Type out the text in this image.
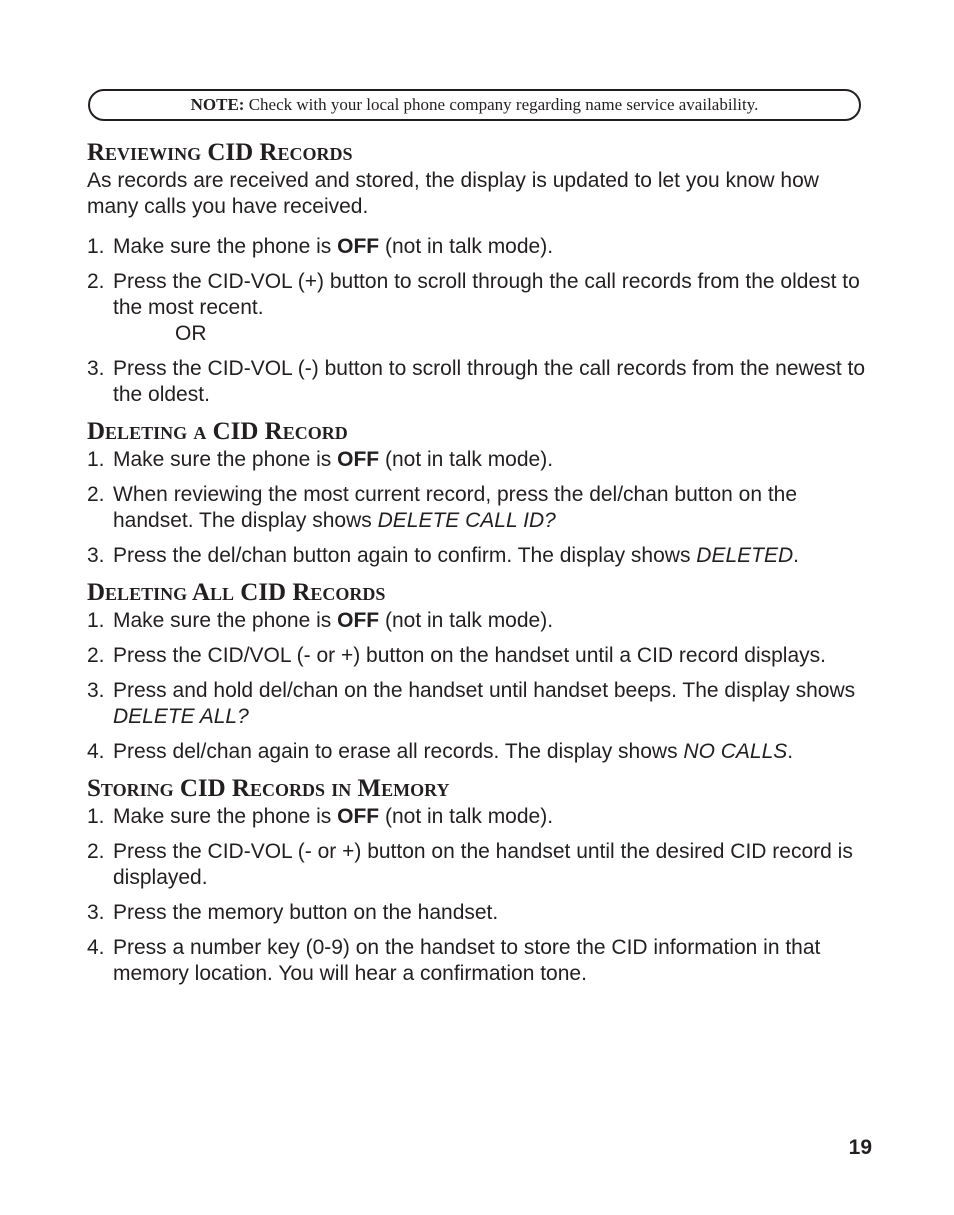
NOTE: Check with your local phone company regarding name service availability.
Reviewing CID Records

As records are received and stored, the display is updated to let you know how many calls you have received.

1. Make sure the phone is OFF (not in talk mode).
2. Press the CID-VOL (+) button to scroll through the call records from the oldest to the most recent.
OR
3. Press the CID-VOL (-) button to scroll through the call records from the newest to the oldest.
Deleting a CID Record
1. Make sure the phone is OFF (not in talk mode).
2. When reviewing the most current record, press the del/chan button on the handset. The display shows DELETE CALL ID?
3. Press the del/chan button again to confirm. The display shows DELETED.
Deleting All CID Records
1. Make sure the phone is OFF (not in talk mode).
2. Press the CID/VOL (- or +) button on the handset until a CID record displays.
3. Press and hold del/chan on the handset until handset beeps. The display shows DELETE ALL?
4. Press del/chan again to erase all records. The display shows NO CALLS.
Storing CID Records in Memory
1. Make sure the phone is OFF (not in talk mode).
2. Press the CID-VOL (- or +) button on the handset until the desired CID record is displayed.
3. Press the memory button on the handset.
4. Press a number key (0-9) on the handset to store the CID information in that memory location. You will hear a confirmation tone.
19
